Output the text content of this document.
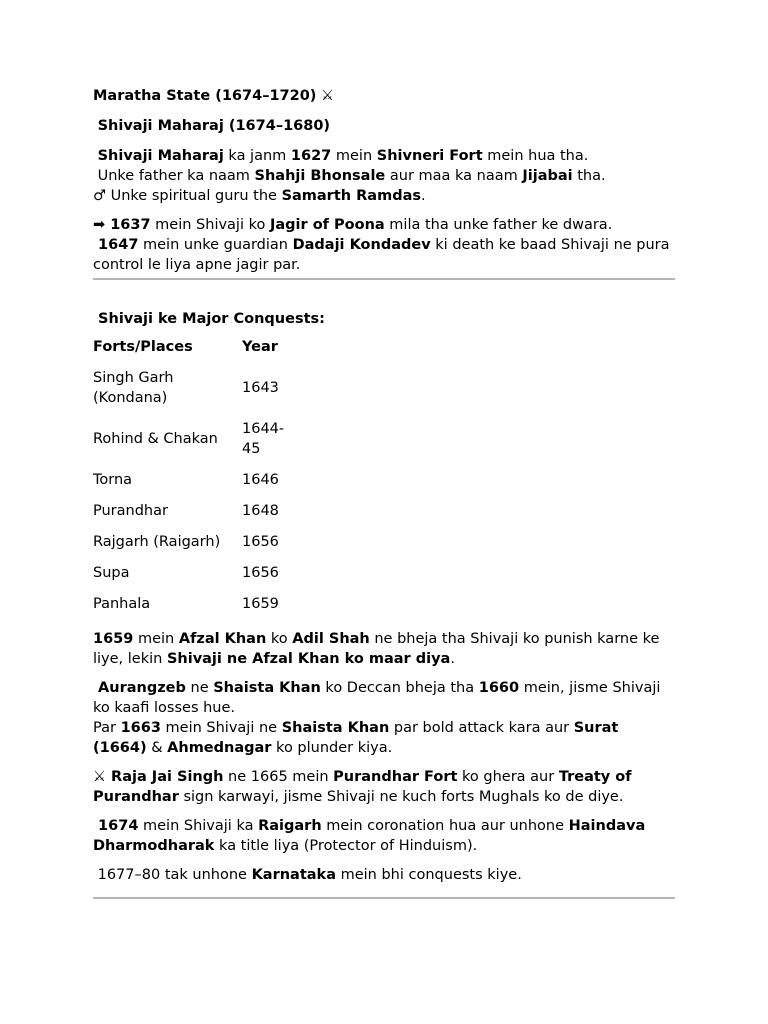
Maratha State (1674–1720) ⚔

Shivaji Maharaj (1674–1680)

Shivaji Maharaj ka janm 1627 mein Shivneri Fort mein hua tha.

Unke father ka naam Shahji Bhonsale aur maa ka naam Jijabai tha.

♂ Unke spiritual guru the Samarth Ramdas.

➡ 1637 mein Shivaji ko Jagir of Poona mila tha unke father ke dwara.

1647 mein unke guardian Dadaji Kondadev ki death ke baad Shivaji ne pura control le liya apne jagir par.

Shivaji ke Major Conquests:

Forts/Places	Year
Singh Garh (Kondana)	1643
Rohind & Chakan	1644-45
Torna	1646
Purandhar	1648
Rajgarh (Raigarh)	1656
Supa	1656
Panhala	1659

1659 mein Afzal Khan ko Adil Shah ne bheja tha Shivaji ko punish karne ke liye, lekin Shivaji ne Afzal Khan ko maar diya.

Aurangzeb ne Shaista Khan ko Deccan bheja tha 1660 mein, jisme Shivaji ko kaafi losses hue.

Par 1663 mein Shivaji ne Shaista Khan par bold attack kara aur Surat (1664) & Ahmednagar ko plunder kiya.

⚔ Raja Jai Singh ne 1665 mein Purandhar Fort ko ghera aur Treaty of Purandhar sign karwayi, jisme Shivaji ne kuch forts Mughals ko de diye.

1674 mein Shivaji ka Raigarh mein coronation hua aur unhone Haindava Dharmodharak ka title liya (Protector of Hinduism).

1677–80 tak unhone Karnataka mein bhi conquests kiye.
